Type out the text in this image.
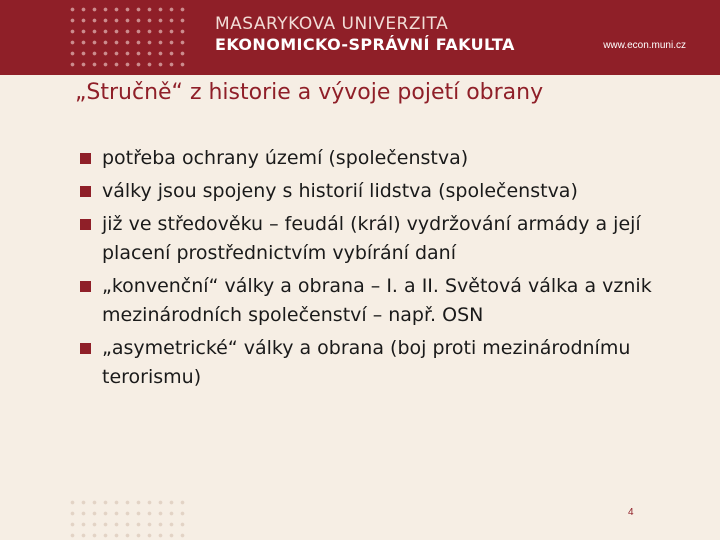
MASARYKOVA UNIVERZITA
EKONOMICKO-SPRÁVNÍ FAKULTA	www.econ.muni.cz
„Stručně“ z historie a vývoje pojetí obrany
potřeba ochrany území (společenstva)
války jsou spojeny s historií lidstva (společenstva)
již ve středověku – feudál (král) vydržování armády a její placení prostřednictvím vybírání daní
„konvenční“ války a obrana – I. a II. Světová válka a vznik mezinárodních společenství – např. OSN
„asymetrické“ války a obrana (boj proti mezinárodnímu terorismu)
4
